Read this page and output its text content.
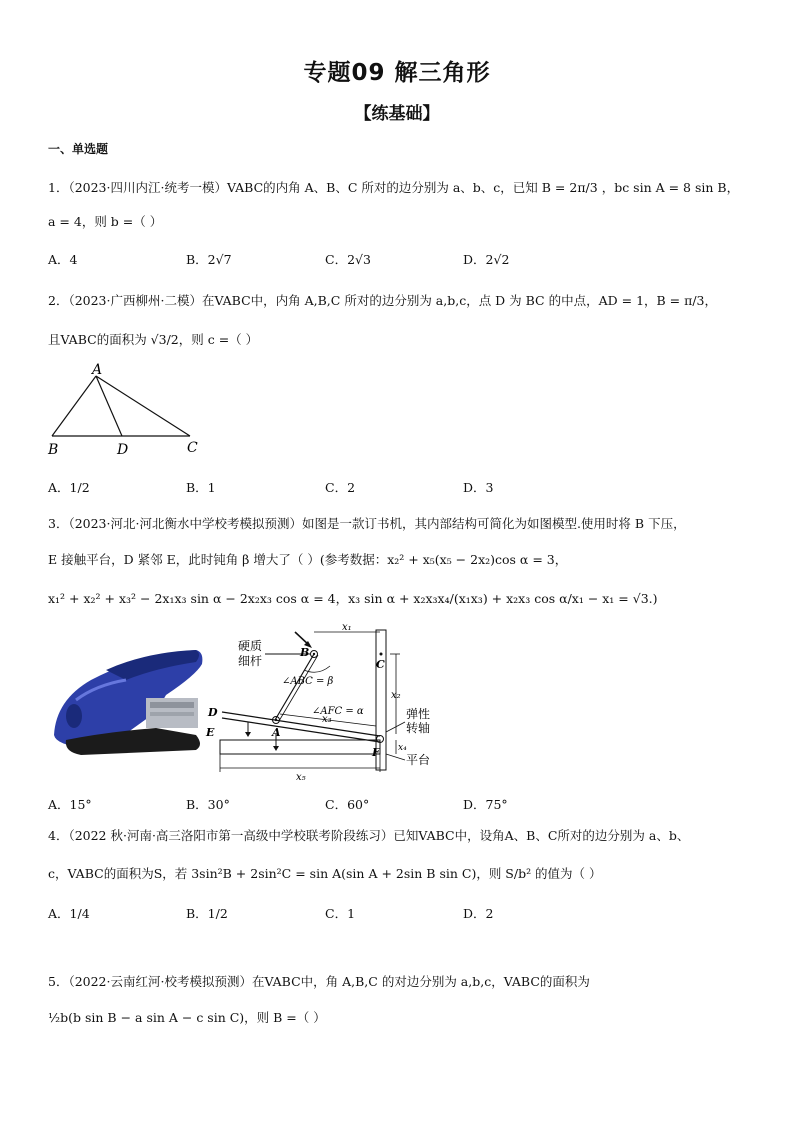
专题09 解三角形
【练基础】
一、单选题
1．（2023·四川内江·统考一模）VABC的内角 A、B、C 所对的边分别为 a、b、c，已知 B = 2π/3 ，bc sin A = 8 sin B，
a = 4，则 b =（ ）
A．4	B．2√7	C．2√3	D．2√2
2．（2023·广西柳州·二模）在VABC中，内角 A,B,C 所对的边分别为 a,b,c，点 D 为 BC 的中点，AD = 1，B = π/3，
且VABC的面积为 √3/2，则 c =（ ）
A
B	D	C
A．1/2	B．1	C．2	D．3
3．（2023·河北·河北衡水中学校考模拟预测）如图是一款订书机，其内部结构可简化为如图模型.使用时将 B 下压，
E 接触平台，D 紧邻 E，此时钝角 β 增大了（ ）(参考数据：x₂² + x₅(x₅ − 2x₂)cos α = 3，
x₁² + x₂² + x₃² − 2x₁x₃ sin α − 2x₂x₃ cos α = 4，x₃ sin α + x₂x₃x₄/(x₁x₃) + x₂x₃ cos α/x₁ − x₁ = √3.)
硬质
细杆
x₁
B
C
∠ABC = β
D
A
x₃
∠AFC = α
F
E
x₅
x₂
x₄
弹性
转轴
平台
A．15°	B．30°	C．60°	D．75°
4．（2022 秋·河南·高三洛阳市第一高级中学校联考阶段练习）已知VABC中，设角A、B、C所对的边分别为 a、b、
c，VABC的面积为S，若 3sin²B + 2sin²C = sin A(sin A + 2sin B sin C)，则 S/b² 的值为（ ）
A．1/4	B．1/2	C．1	D．2
5．（2022·云南红河·校考模拟预测）在VABC中，角 A,B,C 的对边分别为 a,b,c，VABC的面积为
½b(b sin B − a sin A − c sin C)，则 B =（ ）
